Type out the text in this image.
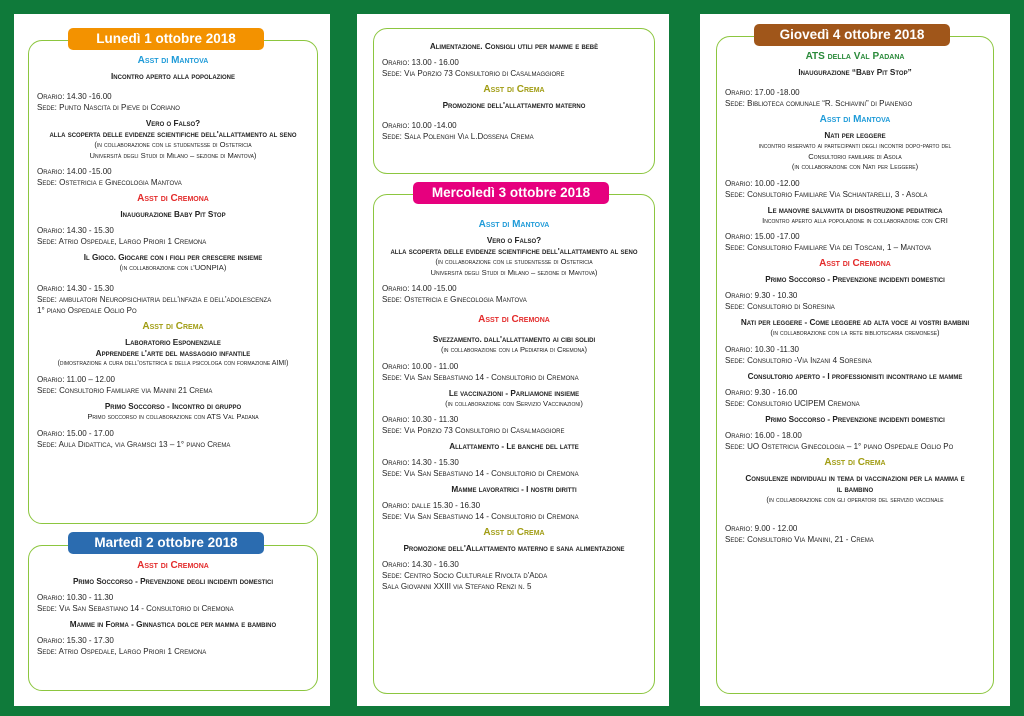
Asst di Mantova

Incontro aperto alla popolazione

Orario: 14.30 -16.00

Sede: Punto Nascita di Pieve di Coriano

Vero o Falso?

alla scoperta delle evidenze scientifiche dell'allattamento al seno

(in collaborazione con le studentesse di Ostetricia

Università degli Studi di Milano – sezione di Mantova)

Orario: 14.00 -15.00

Sede: Ostetricia e Ginecologia Mantova

Asst di Cremona

Inaugurazione Baby Pit Stop

Orario: 14.30 - 15.30

Sede: Atrio Ospedale, Largo Priori 1 Cremona

Il Gioco. Giocare con i figli per crescere insieme

(in collaborazione con l'UONPIA)

Orario: 14.30 - 15.30

Sede: ambulatori Neuropsichiatria dell'infazia e dell'adolescenza

1° piano Ospedale Oglio Po

Asst di Crema

Laboratorio Esponenziale

Apprendere l'arte del massaggio infantile

(dimostrazione a cura dell'ostetrica e della psicologa con formazione AIMI)

Orario: 11.00 – 12.00

Sede: Consultorio Familiare via Manini 21 Crema

Primo Soccorso - Incontro di gruppo

Primo soccorso in collaborazione con ATS Val Padana

Orario: 15.00 - 17.00

Sede: Aula Didattica, via Gramsci 13 – 1° piano Crema

Lunedì 1 ottobre 2018

Asst di Cremona

Primo Soccorso - Prevenzione degli incidenti domestici

Orario: 10.30 - 11.30

Sede: Via San Sebastiano 14 - Consultorio di Cremona

Mamme in Forma - Ginnastica dolce per mamma e bambino

Orario: 15.30 - 17.30

Sede: Atrio Ospedale, Largo Priori 1 Cremona

Martedì 2 ottobre 2018

Alimentazione. Consigli utili per mamme e bebè

Orario: 13.00 - 16.00

Sede: Via Porzio 73 Consultorio di Casalmaggiore

Asst di Crema

Promozione dell'allattamento materno

Orario: 10.00 -14.00

Sede: Sala Polenghi Via L.Dossena Crema

Asst di Mantova

Vero o Falso?

alla scoperta delle evidenze scientifiche dell'allattamento al seno

(in collaborazione con le studentesse di Ostetricia

Università degli Studi di Milano – sezione di Mantova)

Orario: 14.00 -15.00

Sede: Ostetricia e Ginecologia Mantova

Asst di Cremona

Svezzamento. dall'allattamento ai cibi solidi

(in collaborazione con la Pediatria di Cremona)

Orario: 10.00 - 11.00

Sede: Via San Sebastiano 14 - Consultorio di Cremona

Le vaccinazioni - Parliamone insieme

(in collaborazione con Servizio Vaccinazioni)

Orario: 10.30 - 11.30

Sede: Via Porzio 73 Consultorio di Casalmaggiore

Allattamento - Le banche del latte

Orario: 14.30 - 15.30

Sede: Via San Sebastiano 14 - Consultorio di Cremona

Mamme lavoratrici - I nostri diritti

Orario: dalle 15.30 - 16.30

Sede: Via San Sebastiano 14 - Consultorio di Cremona

Asst di Crema

Promozione dell'Allattamento materno e sana alimentazione

Orario: 14.30 - 16.30

Sede: Centro Socio Culturale Rivolta d'Adda

Sala Giovanni XXIII via Stefano Renzi n. 5

Mercoledì 3 ottobre 2018

ATS della Val Padana

Inaugurazione “Baby Pit Stop”

Orario: 17.00 -18.00

Sede: Biblioteca comunale “R. Schiavini” di Pianengo

Asst di Mantova

Nati per leggere

incontro riservato ai partecipanti degli incontri dopo-parto del

Consultorio familiare di Asola

(in collaborazione con Nati per Leggere)

Orario: 10.00 -12.00

Sede: Consultorio Familiare Via Schiantarelli, 3 - Asola

Le manovre salvavita di disostruzione pediatrica

Incontro aperto alla popolazione in collaborazione con CRI

Orario: 15.00 -17.00

Sede: Consultorio Familiare Via dei Toscani, 1 – Mantova

Asst di Cremona

Primo Soccorso - Prevenzione incidenti domestici

Orario: 9.30 - 10.30

Sede: Consultorio di Soresina

Nati per leggere - Come leggere ad alta voce ai vostri bambini

(in collaborazione con la rete bibliotecaria cremonese)

Orario: 10.30 -11.30

Sede: Consultorio -Via Inzani 4 Soresina

Consultorio aperto - I professionisiti incontrano le mamme

Orario: 9.30 - 16.00

Sede: Consultorio UCIPEM Cremona

Primo Soccorso - Prevenzione incidenti domestici

Orario: 16.00 - 18.00

Sede: UO Ostetricia Ginecologia – 1° piano Ospedale Oglio Po

Asst di Crema

Consulenze individuali in tema di vaccinazioni per la mamma e

il bambino

(in collaborazione con gli operatori del servizio vaccinale

Orario: 9.00 - 12.00

Sede: Consultorio Via Manini, 21 - Crema

Giovedì 4 ottobre 2018
